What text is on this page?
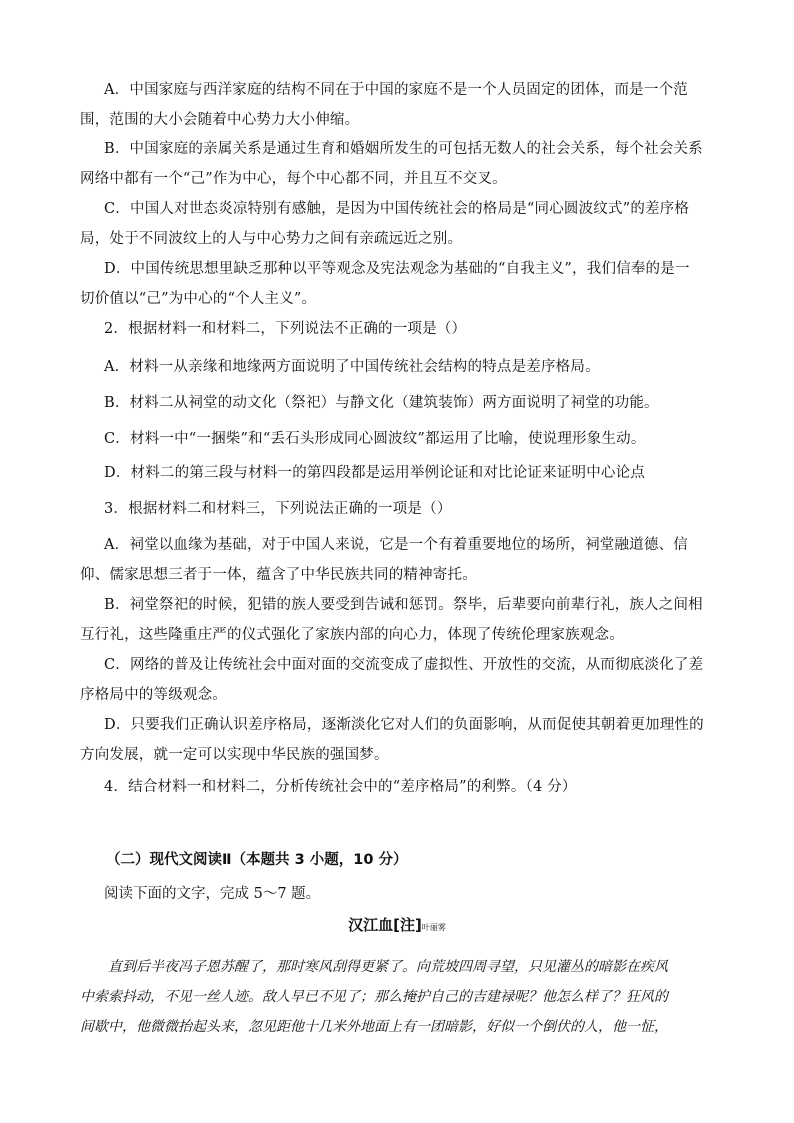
A．中国家庭与西洋家庭的结构不同在于中国的家庭不是一个人员固定的团体，而是一个范
围，范围的大小会随着中心势力大小伸缩。
B．中国家庭的亲属关系是通过生育和婚姻所发生的可包括无数人的社会关系，每个社会关系
网络中都有一个“己”作为中心，每个中心都不同，并且互不交叉。
C．中国人对世态炎凉特别有感触，是因为中国传统社会的格局是“同心圆波纹式”的差序格
局，处于不同波纹上的人与中心势力之间有亲疏远近之别。
D．中国传统思想里缺乏那种以平等观念及宪法观念为基础的“自我主义”，我们信奉的是一
切价值以“己”为中心的“个人主义”。
2．根据材料一和材料二，下列说法不正确的一项是（）
A．材料一从亲缘和地缘两方面说明了中国传统社会结构的特点是差序格局。
B．材料二从祠堂的动文化（祭祀）与静文化（建筑装饰）两方面说明了祠堂的功能。
C．材料一中“一捆柴”和“丢石头形成同心圆波纹”都运用了比喻，使说理形象生动。
D．材料二的第三段与材料一的第四段都是运用举例论证和对比论证来证明中心论点
3．根据材料二和材料三，下列说法正确的一项是（）
A．祠堂以血缘为基础，对于中国人来说，它是一个有着重要地位的场所，祠堂融道德、信
仰、儒家思想三者于一体，蕴含了中华民族共同的精神寄托。
B．祠堂祭祀的时候，犯错的族人要受到告诫和惩罚。祭毕，后辈要向前辈行礼，族人之间相
互行礼，这些隆重庄严的仪式强化了家族内部的向心力，体现了传统伦理家族观念。
C．网络的普及让传统社会中面对面的交流变成了虚拟性、开放性的交流，从而彻底淡化了差
序格局中的等级观念。
D．只要我们正确认识差序格局，逐渐淡化它对人们的负面影响，从而促使其朝着更加理性的
方向发展，就一定可以实现中华民族的强国梦。
4．结合材料一和材料二，分析传统社会中的“差序格局”的利弊。（4 分）
（二）现代文阅读Ⅱ（本题共 3 小题，10 分）
阅读下面的文字，完成 5～7 题。
汉江血[注]叶丽雾
　　直到后半夜冯子恩苏醒了，那时寒风刮得更紧了。向荒坡四周寻望，只见灌丛的暗影在疾风
中索索抖动，不见一丝人迹。敌人早已不见了；那么掩护自己的吉建禄呢？他怎么样了？狂风的
间歇中，他微微抬起头来，忽见距他十几米外地面上有一团暗影，好似一个倒伏的人，他一怔，
